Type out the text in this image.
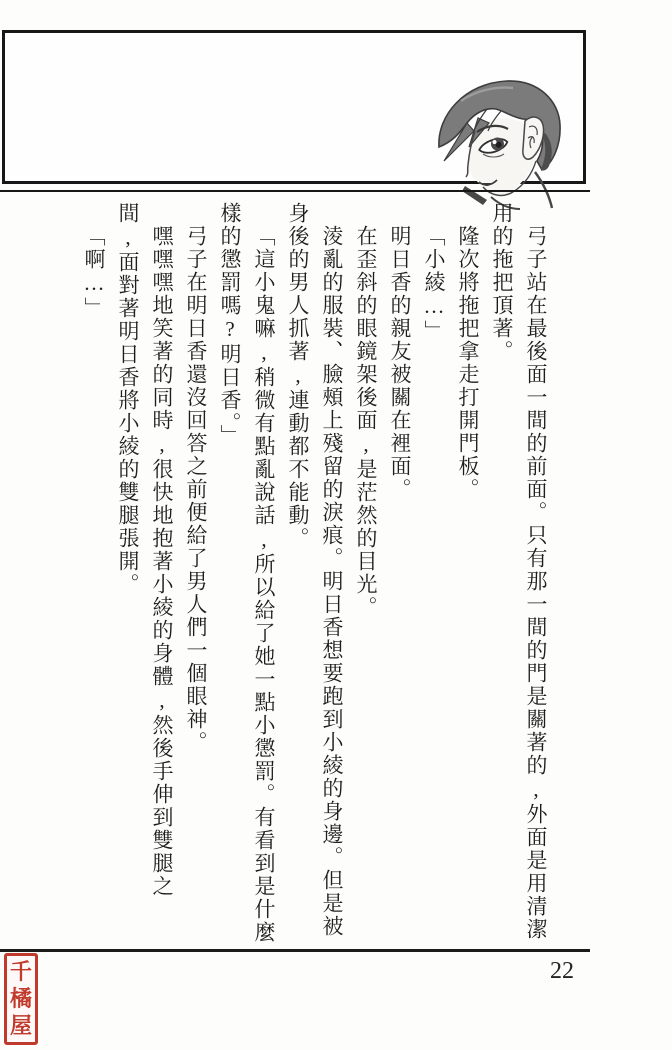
弓子站在最後面一間的前面。只有那一間的門是關著的,外面是用清潔用的拖把頂著。

隆次將拖把拿走打開門板。

「小綾…」

明日香的親友被關在裡面。

在歪斜的眼鏡架後面,是茫然的目光。

淩亂的服裝、臉頰上殘留的淚痕。明日香想要跑到小綾的身邊。但是被身後的男人抓著,連動都不能動。

「這小鬼嘛,稍微有點亂說話,所以給了她一點小懲罰。有看到是什麼樣的懲罰嗎?明日香。」

弓子在明日香還沒回答之前便給了男人們一個眼神。

嘿嘿嘿地笑著的同時,很快地抱著小綾的身體,然後手伸到雙腿之間,面對著明日香將小綾的雙腿張開。

「啊…」

22
千
橘
屋
